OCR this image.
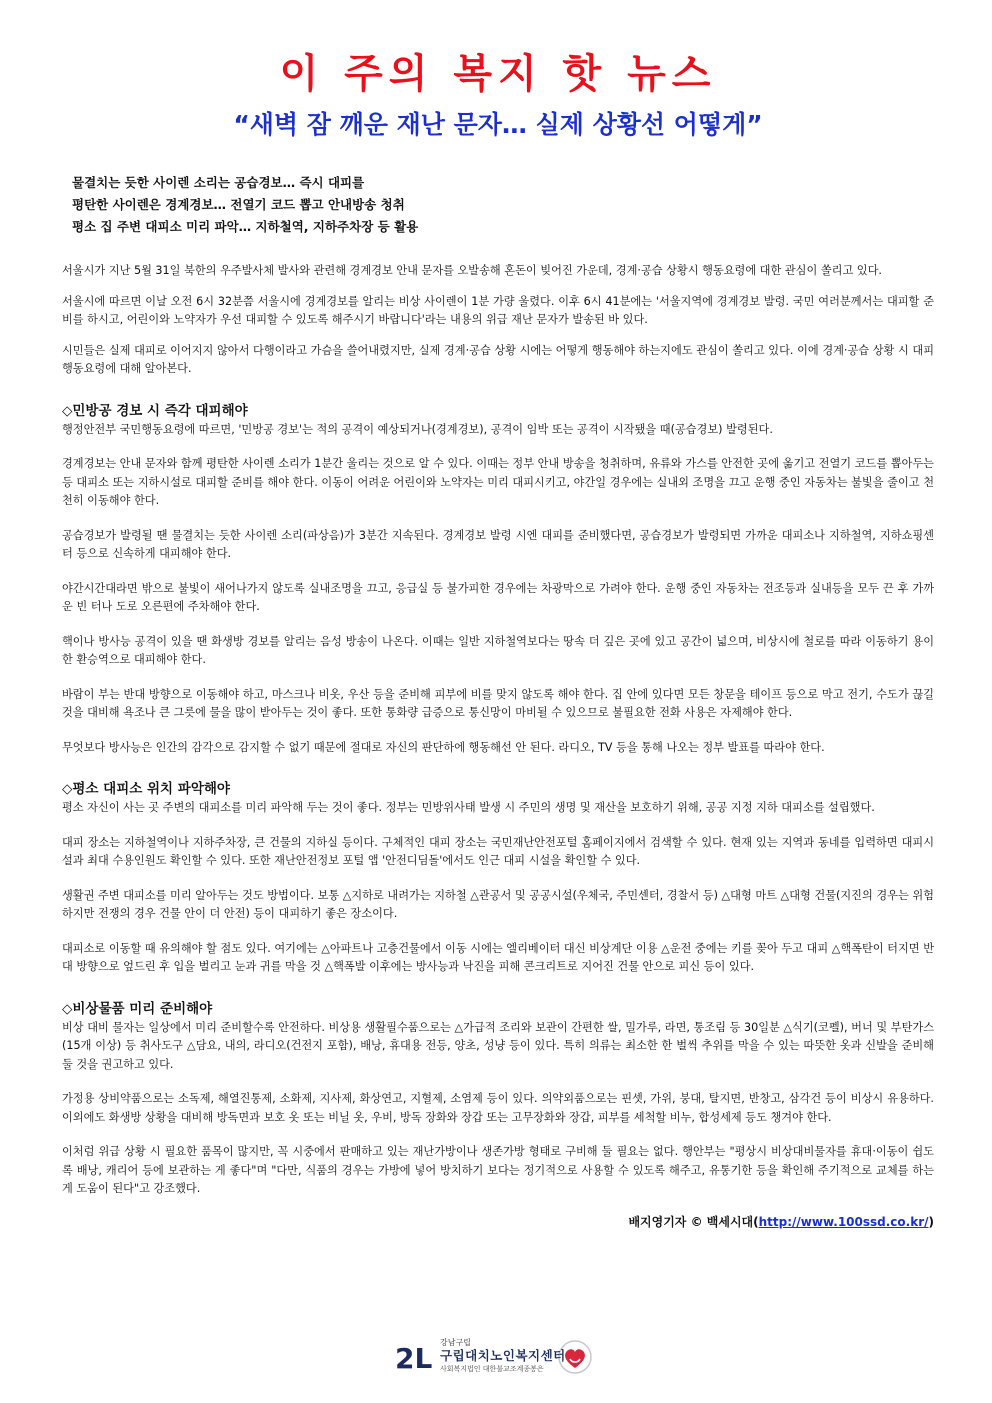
이 주의 복지 핫 뉴스
“새벽 잠 깨운 재난 문자… 실제 상황선 어떻게”
물결치는 듯한 사이렌 소리는 공습경보… 즉시 대피를
평탄한 사이렌은 경계경보… 전열기 코드 뽑고 안내방송 청취
평소 집 주변 대피소 미리 파악… 지하철역, 지하주차장 등 활용

서울시가 지난 5월 31일 북한의 우주발사체 발사와 관련해 경계경보 안내 문자를 오발송해 혼돈이 빚어진 가운데, 경계·공습 상황시 행동요령에 대한 관심이 쏠리고 있다.

서울시에 따르면 이날 오전 6시 32분쯤 서울시에 경계경보를 알리는 비상 사이렌이 1분 가량 울렸다. 이후 6시 41분에는 '서울지역에 경계경보 발령. 국민 여러분께서는 대피할 준비를 하시고, 어린이와 노약자가 우선 대피할 수 있도록 해주시기 바랍니다'라는 내용의 위급 재난 문자가 발송된 바 있다.

시민들은 실제 대피로 이어지지 않아서 다행이라고 가슴을 쓸어내렸지만, 실제 경계·공습 상황 시에는 어떻게 행동해야 하는지에도 관심이 쏠리고 있다. 이에 경계·공습 상황 시 대피 행동요령에 대해 알아본다.

◇민방공 경보 시 즉각 대피해야

행정안전부 국민행동요령에 따르면, '민방공 경보'는 적의 공격이 예상되거나(경계경보), 공격이 임박 또는 공격이 시작됐을 때(공습경보) 발령된다.

경계경보는 안내 문자와 함께 평탄한 사이렌 소리가 1분간 울리는 것으로 알 수 있다. 이때는 정부 안내 방송을 청취하며, 유류와 가스를 안전한 곳에 옮기고 전열기 코드를 뽑아두는 등 대피소 또는 지하시설로 대피할 준비를 해야 한다. 이동이 어려운 어린이와 노약자는 미리 대피시키고, 야간일 경우에는 실내외 조명을 끄고 운행 중인 자동차는 불빛을 줄이고 천천히 이동해야 한다.

공습경보가 발령될 땐 물결치는 듯한 사이렌 소리(파상음)가 3분간 지속된다. 경계경보 발령 시엔 대피를 준비했다면, 공습경보가 발령되면 가까운 대피소나 지하철역, 지하쇼핑센터 등으로 신속하게 대피해야 한다.

야간시간대라면 밖으로 불빛이 새어나가지 않도록 실내조명을 끄고, 응급실 등 불가피한 경우에는 차광막으로 가려야 한다. 운행 중인 자동차는 전조등과 실내등을 모두 끈 후 가까운 빈 터나 도로 오른편에 주차해야 한다.

핵이나 방사능 공격이 있을 땐 화생방 경보를 알리는 음성 방송이 나온다. 이때는 일반 지하철역보다는 땅속 더 깊은 곳에 있고 공간이 넓으며, 비상시에 철로를 따라 이동하기 용이한 환승역으로 대피해야 한다.

바람이 부는 반대 방향으로 이동해야 하고, 마스크나 비옷, 우산 등을 준비해 피부에 비를 맞지 않도록 해야 한다. 집 안에 있다면 모든 창문을 테이프 등으로 막고 전기, 수도가 끊길 것을 대비해 욕조나 큰 그릇에 물을 많이 받아두는 것이 좋다. 또한 통화량 급증으로 통신망이 마비될 수 있으므로 불필요한 전화 사용은 자제해야 한다.

무엇보다 방사능은 인간의 감각으로 감지할 수 없기 때문에 절대로 자신의 판단하에 행동해선 안 된다. 라디오, TV 등을 통해 나오는 정부 발표를 따라야 한다.

◇평소 대피소 위치 파악해야

평소 자신이 사는 곳 주변의 대피소를 미리 파악해 두는 것이 좋다. 정부는 민방위사태 발생 시 주민의 생명 및 재산을 보호하기 위해, 공공 지정 지하 대피소를 설립했다.

대피 장소는 지하철역이나 지하주차장, 큰 건물의 지하실 등이다. 구체적인 대피 장소는 국민재난안전포털 홈페이지에서 검색할 수 있다. 현재 있는 지역과 동네를 입력하면 대피시설과 최대 수용인원도 확인할 수 있다. 또한 재난안전정보 포털 앱 '안전디딤돌'에서도 인근 대피 시설을 확인할 수 있다.

생활권 주변 대피소를 미리 알아두는 것도 방법이다. 보통 △지하로 내려가는 지하철 △관공서 및 공공시설(우체국, 주민센터, 경찰서 등) △대형 마트 △대형 건물(지진의 경우는 위험하지만 전쟁의 경우 건물 안이 더 안전) 등이 대피하기 좋은 장소이다.

대피소로 이동할 때 유의해야 할 점도 있다. 여기에는 △아파트나 고층건물에서 이동 시에는 엘리베이터 대신 비상계단 이용 △운전 중에는 키를 꽂아 두고 대피 △핵폭탄이 터지면 반대 방향으로 엎드린 후 입을 벌리고 눈과 귀를 막을 것 △핵폭발 이후에는 방사능과 낙진을 피해 콘크리트로 지어진 건물 안으로 피신 등이 있다.

◇비상물품 미리 준비해야

비상 대비 물자는 일상에서 미리 준비할수록 안전하다. 비상용 생활필수품으로는 △가급적 조리와 보관이 간편한 쌀, 밀가루, 라면, 통조림 등 30일분 △식기(코펠), 버너 및 부탄가스(15개 이상) 등 취사도구 △담요, 내의, 라디오(건전지 포함), 배낭, 휴대용 전등, 양초, 성냥 등이 있다. 특히 의류는 최소한 한 벌씩 추위를 막을 수 있는 따뜻한 옷과 신발을 준비해 둘 것을 권고하고 있다.

가정용 상비약품으로는 소독제, 해열진통제, 소화제, 지사제, 화상연고, 지혈제, 소염제 등이 있다. 의약외품으로는 핀셋, 가위, 붕대, 탈지면, 반창고, 삼각건 등이 비상시 유용하다. 이외에도 화생방 상황을 대비해 방독면과 보호 옷 또는 비닐 옷, 우비, 방독 장화와 장갑 또는 고무장화와 장갑, 피부를 세척할 비누, 합성세제 등도 챙겨야 한다.

이처럼 위급 상황 시 필요한 품목이 많지만, 꼭 시중에서 판매하고 있는 재난가방이나 생존가방 형태로 구비해 둘 필요는 없다. 행안부는 "평상시 비상대비물자를 휴대·이동이 쉽도록 배낭, 캐리어 등에 보관하는 게 좋다"며 "다만, 식품의 경우는 가방에 넣어 방치하기 보다는 정기적으로 사용할 수 있도록 해주고, 유통기한 등을 확인해 주기적으로 교체를 하는 게 도움이 된다"고 강조했다.

배지영기자 © 백세시대(http://www.100ssd.co.kr/)
2L 강남구립
구립대치노인복지센터
사회복지법인 대한불교조계종봉은
